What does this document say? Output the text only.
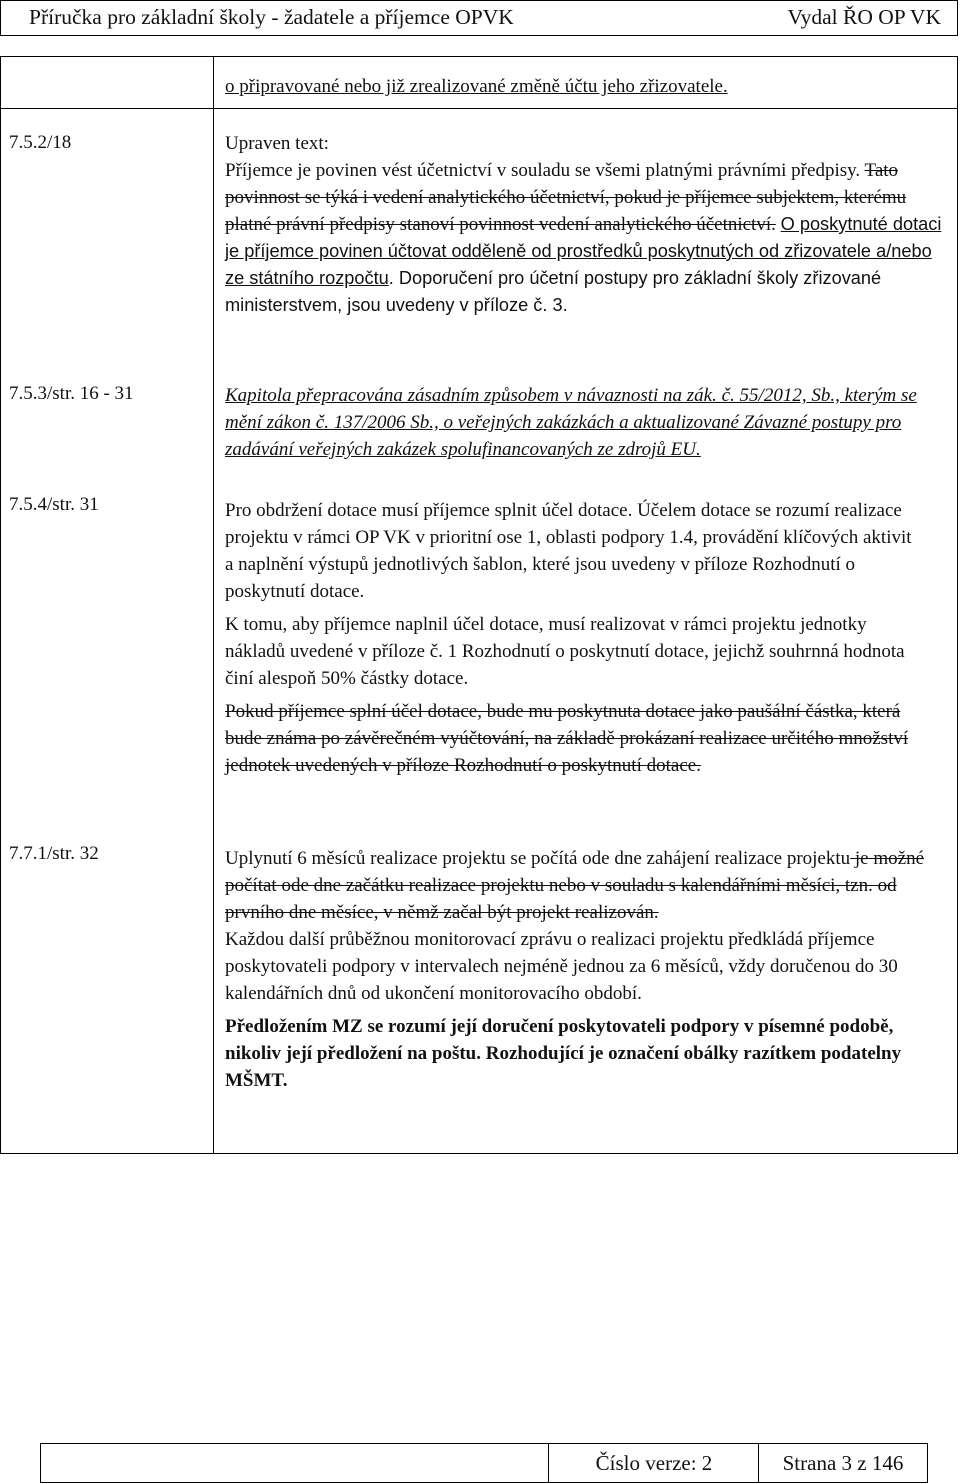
Příručka pro základní školy - žadatele a příjemce OPVK	Vydal ŘO OP VK
o připravované nebo již zrealizované změně účtu jeho zřizovatele.
7.5.2/18	Upraven text:
Příjemce je povinen vést účetnictví v souladu se všemi platnými právními předpisy. Tato povinnost se týká i vedení analytického účetnictví, pokud je příjemce subjektem, kterému platné právní předpisy stanoví povinnost vedení analytického účetnictví. O poskytnuté dotaci je příjemce povinen účtovat odděleně od prostředků poskytnutých od zřizovatele a/nebo ze státního rozpočtu. Doporučení pro účetní postupy pro základní školy zřizované ministerstvem, jsou uvedeny v příloze č. 3.
7.5.3/str. 16 - 31	Kapitola přepracována zásadním způsobem v návaznosti na zák. č. 55/2012, Sb., kterým se mění zákon č. 137/2006 Sb., o veřejných zakázkách a aktualizované Závazné postupy pro zadávání veřejných zakázek spolufinancovaných ze zdrojů EU.
7.5.4/str. 31	Pro obdržení dotace musí příjemce splnit účel dotace. Účelem dotace se rozumí realizace projektu v rámci OP VK v prioritní ose 1, oblasti podpory 1.4, provádění klíčových aktivit a naplnění výstupů jednotlivých šablon, které jsou uvedeny v příloze Rozhodnutí o poskytnutí dotace.
K tomu, aby příjemce naplnil účel dotace, musí realizovat v rámci projektu jednotky nákladů uvedené v příloze č. 1 Rozhodnutí o poskytnutí dotace, jejichž souhrnná hodnota činí alespoň 50% částky dotace.
Pokud příjemce splní účel dotace, bude mu poskytnuta dotace jako paušální částka, která bude známa po závěrečném vyúčtování, na základě prokázaní realizace určitého množství jednotek uvedených v příloze Rozhodnutí o poskytnutí dotace.
7.7.1/str. 32	Uplynutí 6 měsíců realizace projektu se počítá ode dne zahájení realizace projektu je možné počítat ode dne začátku realizace projektu nebo v souladu s kalendářními měsíci, tzn. od prvního dne měsíce, v němž začal být projekt realizován.
Každou další průběžnou monitorovací zprávu o realizaci projektu předkládá příjemce poskytovateli podpory v intervalech nejméně jednou za 6 měsíců, vždy doručenou do 30 kalendářních dnů od ukončení monitorovacího období.
Předložením MZ se rozumí její doručení poskytovateli podpory v písemné podobě, nikoliv její předložení na poštu. Rozhodující je označení obálky razítkem podatelny MŠMT.
Číslo verze: 2	Strana 3 z 146
